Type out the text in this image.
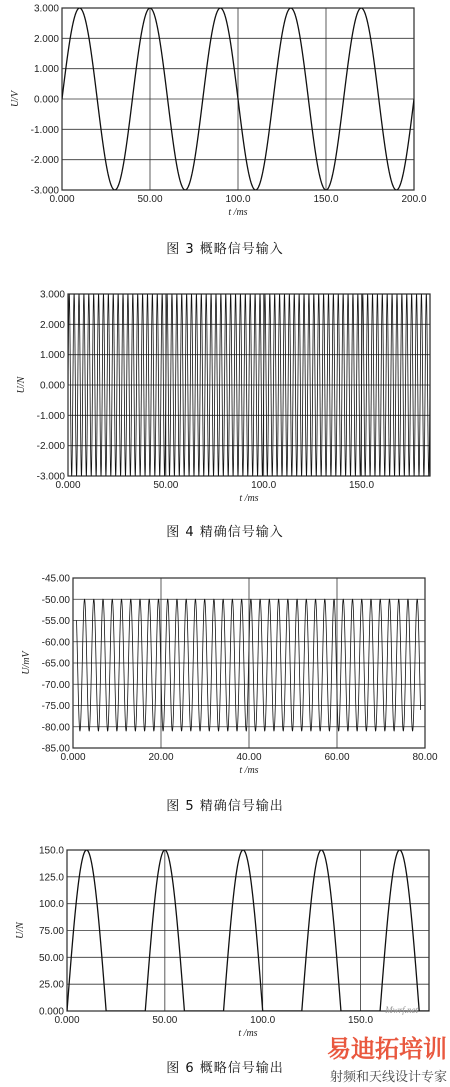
0.000	50.00	100.0	150.0	200.0
3.000
2.000
1.000
0.000
-1.000
-2.000
-3.000
t /ms
U/V
图 3 概略信号输入
0.000	50.00	100.0	150.0
3.000
2.000
1.000
0.000
-1.000
-2.000
-3.000
t /ms
U/N
图 4 精确信号输入
0.000	20.00	40.00	60.00	80.00
-45.00
-50.00
-55.00
-60.00
-65.00
-70.00
-75.00
-80.00
-85.00
t /ms
U/mV
图 5 精确信号输出
0.000	50.00	100.0	150.0
150.0
125.0
100.0
75.00
50.00
25.00
0.000
t /ms
U/N
图 6 概略信号输出
Mwrf.net
易迪拓培训
射频和天线设计专家
